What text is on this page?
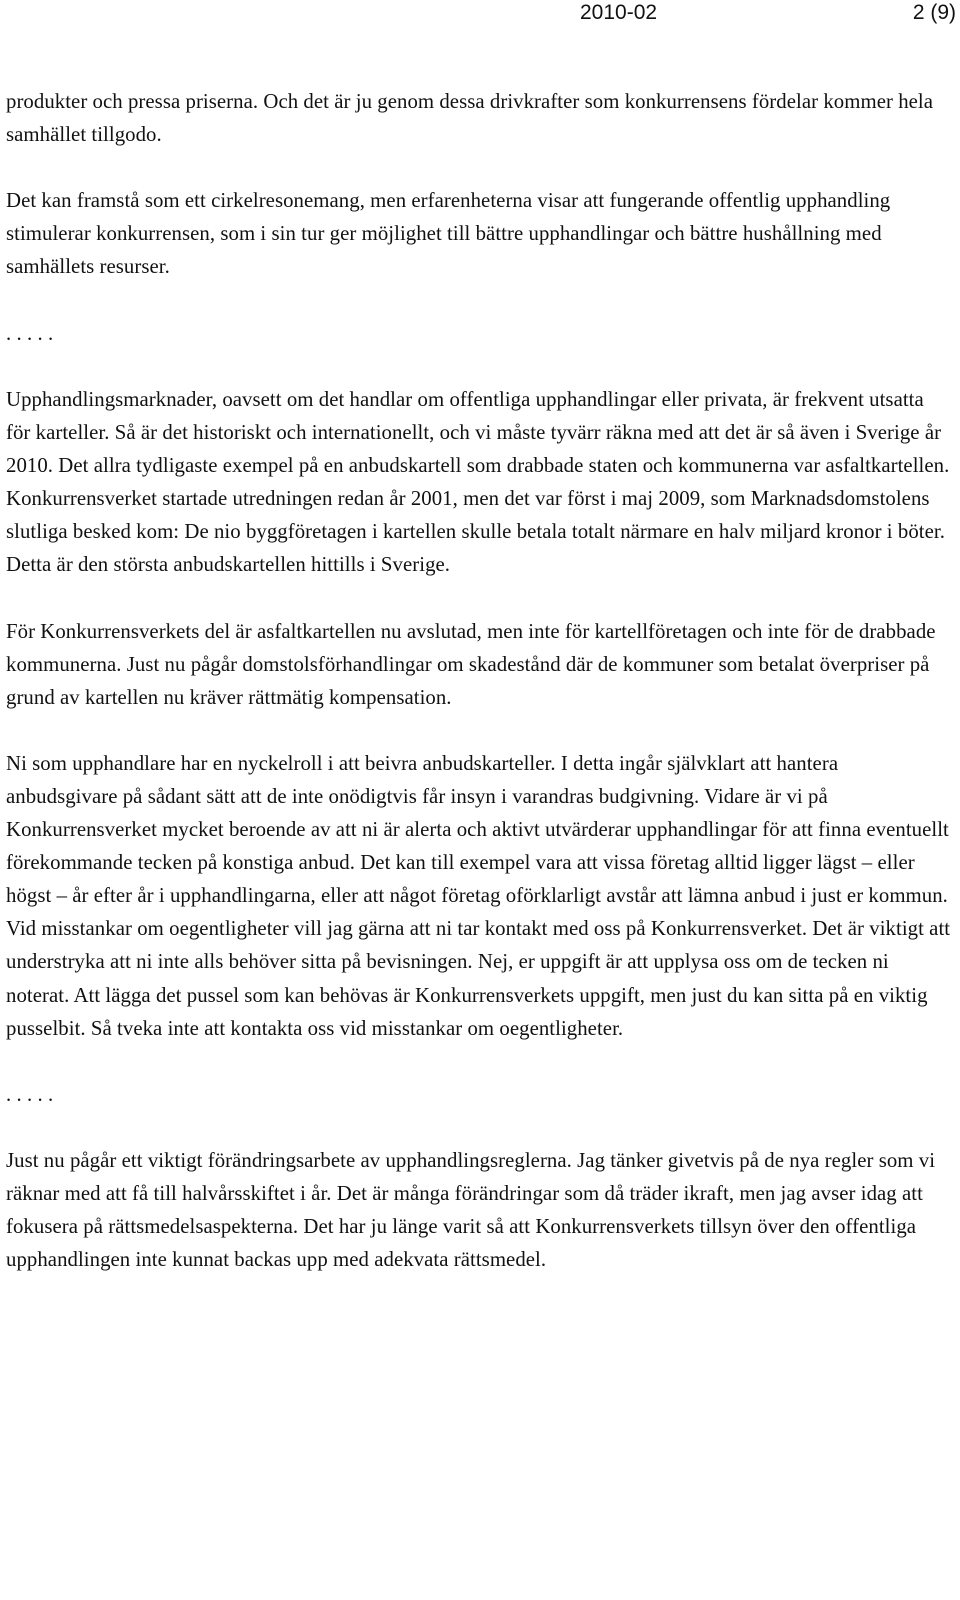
2010-02	2 (9)

produkter och pressa priserna. Och det är ju genom dessa drivkrafter som konkurrensens fördelar kommer hela samhället tillgodo.

Det kan framstå som ett cirkelresonemang, men erfarenheterna visar att fungerande offentlig upphandling stimulerar konkurrensen, som i sin tur ger möjlighet till bättre upphandlingar och bättre hushållning med samhällets resurser.

. . . . .

Upphandlingsmarknader, oavsett om det handlar om offentliga upphandlingar eller privata, är frekvent utsatta för karteller. Så är det historiskt och internationellt, och vi måste tyvärr räkna med att det är så även i Sverige år 2010. Det allra tydligaste exempel på en anbudskartell som drabbade staten och kommunerna var asfaltkartellen. Konkurrensverket startade utredningen redan år 2001, men det var först i maj 2009, som Marknadsdomstolens slutliga besked kom: De nio byggföretagen i kartellen skulle betala totalt närmare en halv miljard kronor i böter. Detta är den största anbudskartellen hittills i Sverige.

För Konkurrensverkets del är asfaltkartellen nu avslutad, men inte för kartellföretagen och inte för de drabbade kommunerna. Just nu pågår domstolsförhandlingar om skadestånd där de kommuner som betalat överpriser på grund av kartellen nu kräver rättmätig kompensation.

Ni som upphandlare har en nyckelroll i att beivra anbudskarteller. I detta ingår självklart att hantera anbudsgivare på sådant sätt att de inte onödigtvis får insyn i varandras budgivning. Vidare är vi på Konkurrensverket mycket beroende av att ni är alerta och aktivt utvärderar upphandlingar för att finna eventuellt förekommande tecken på konstiga anbud. Det kan till exempel vara att vissa företag alltid ligger lägst – eller högst – år efter år i upphandlingarna, eller att något företag oförklarligt avstår att lämna anbud i just er kommun. Vid misstankar om oegentligheter vill jag gärna att ni tar kontakt med oss på Konkurrensverket. Det är viktigt att understryka att ni inte alls behöver sitta på bevisningen. Nej, er uppgift är att upplysa oss om de tecken ni noterat. Att lägga det pussel som kan behövas är Konkurrensverkets uppgift, men just du kan sitta på en viktig pusselbit. Så tveka inte att kontakta oss vid misstankar om oegentligheter.

. . . . .

Just nu pågår ett viktigt förändringsarbete av upphandlingsreglerna. Jag tänker givetvis på de nya regler som vi räknar med att få till halvårsskiftet i år. Det är många förändringar som då träder ikraft, men jag avser idag att fokusera på rättsmedelsaspekterna. Det har ju länge varit så att Konkurrensverkets tillsyn över den offentliga upphandlingen inte kunnat backas upp med adekvata rättsmedel.
